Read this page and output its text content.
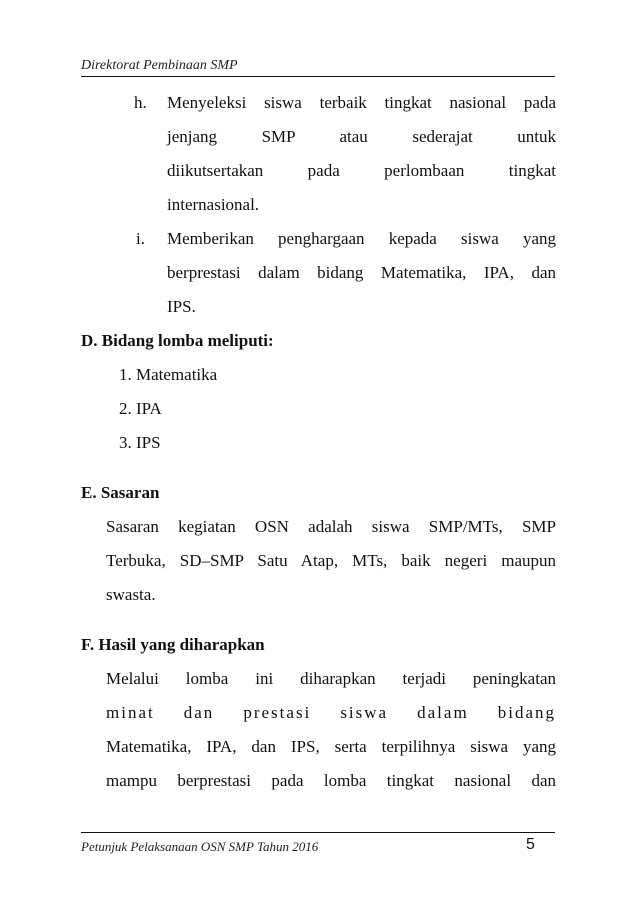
Direktorat Pembinaan SMP
h. Menyeleksi siswa terbaik tingkat nasional pada
jenjang SMP atau sederajat untuk
diikutsertakan pada perlombaan tingkat
internasional.
i. Memberikan penghargaan kepada siswa yang
berprestasi dalam bidang Matematika, IPA, dan
IPS.
D. Bidang lomba meliputi:
1. Matematika
2. IPA
3. IPS
E. Sasaran
Sasaran kegiatan OSN adalah siswa SMP/MTs, SMP
Terbuka, SD–SMP Satu Atap, MTs, baik negeri maupun
swasta.
F. Hasil yang diharapkan
Melalui lomba ini diharapkan terjadi peningkatan
minat dan prestasi siswa dalam bidang
Matematika, IPA, dan IPS, serta terpilihnya siswa yang
mampu berprestasi pada lomba tingkat nasional dan
Petunjuk Pelaksanaan OSN SMP Tahun 2016	5
